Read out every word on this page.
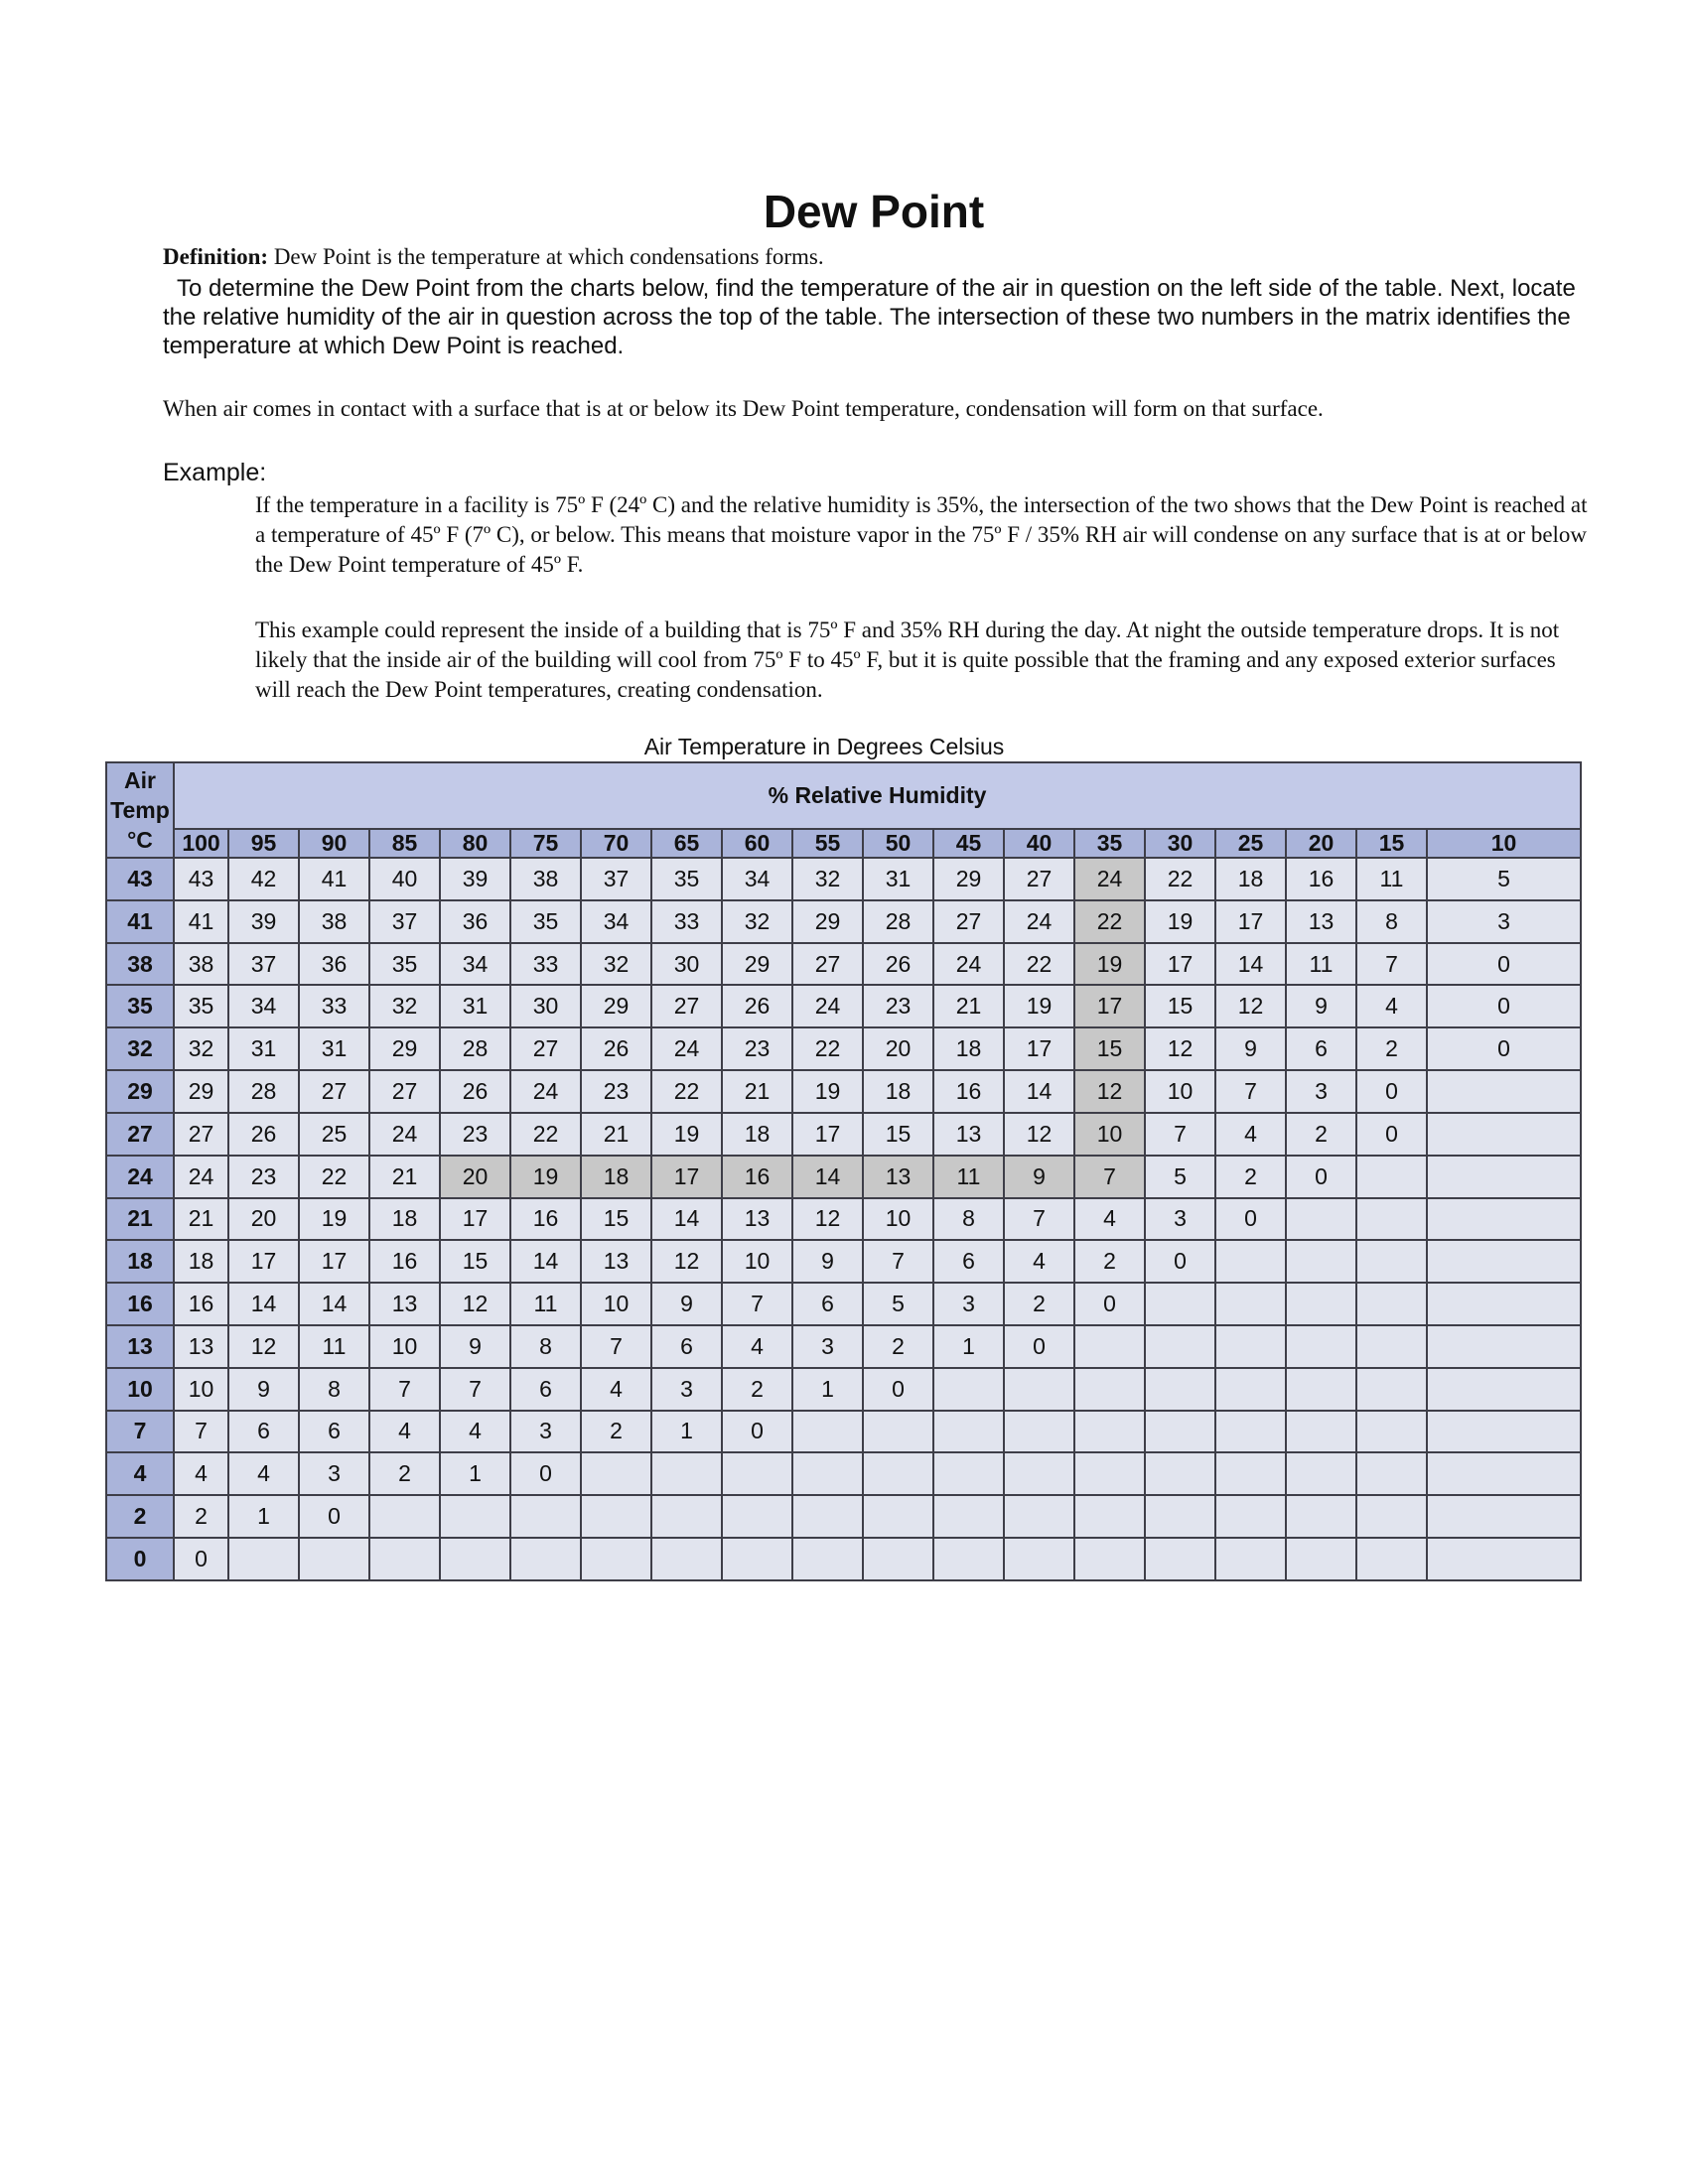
Dew Point
Definition: Dew Point is the temperature at which condensations forms.
To determine the Dew Point from the charts below, find the temperature of the air in question on the left side of the table. Next, locate the relative humidity of the air in question across the top of the table. The intersection of these two numbers in the matrix identifies the temperature at which Dew Point is reached.
When air comes in contact with a surface that is at or below its Dew Point temperature, condensation will form on that surface.
Example:
If the temperature in a facility is 75º F (24º C) and the relative humidity is 35%, the intersection of the two shows that the Dew Point is reached at a temperature of 45º F (7º C), or below. This means that moisture vapor in the 75º F / 35% RH air will condense on any surface that is at or below the Dew Point temperature of 45º F.
This example could represent the inside of a building that is 75º F and 35% RH during the day. At night the outside temperature drops. It is not likely that the inside air of the building will cool from 75º F to 45º F, but it is quite possible that the framing and any exposed exterior surfaces will reach the Dew Point temperatures, creating condensation.
Air Temperature in Degrees Celsius
Air
Temp
°C	% Relative Humidity																		
	100	95	90	85	80	75	70	65	60	55	50	45	40	35	30	25	20	15	10
43	43	42	41	40	39	38	37	35	34	32	31	29	27	24	22	18	16	11	5
41	41	39	38	37	36	35	34	33	32	29	28	27	24	22	19	17	13	8	3
38	38	37	36	35	34	33	32	30	29	27	26	24	22	19	17	14	11	7	0
35	35	34	33	32	31	30	29	27	26	24	23	21	19	17	15	12	9	4	0
32	32	31	31	29	28	27	26	24	23	22	20	18	17	15	12	9	6	2	0
29	29	28	27	27	26	24	23	22	21	19	18	16	14	12	10	7	3	0	
27	27	26	25	24	23	22	21	19	18	17	15	13	12	10	7	4	2	0	
24	24	23	22	21	20	19	18	17	16	14	13	11	9	7	5	2	0		
21	21	20	19	18	17	16	15	14	13	12	10	8	7	4	3	0			
18	18	17	17	16	15	14	13	12	10	9	7	6	4	2	0				
16	16	14	14	13	12	11	10	9	7	6	5	3	2	0					
13	13	12	11	10	9	8	7	6	4	3	2	1	0						
10	10	9	8	7	7	6	4	3	2	1	0								
7	7	6	6	4	4	3	2	1	0										
4	4	4	3	2	1	0													
2	2	1	0																
0	0																		
